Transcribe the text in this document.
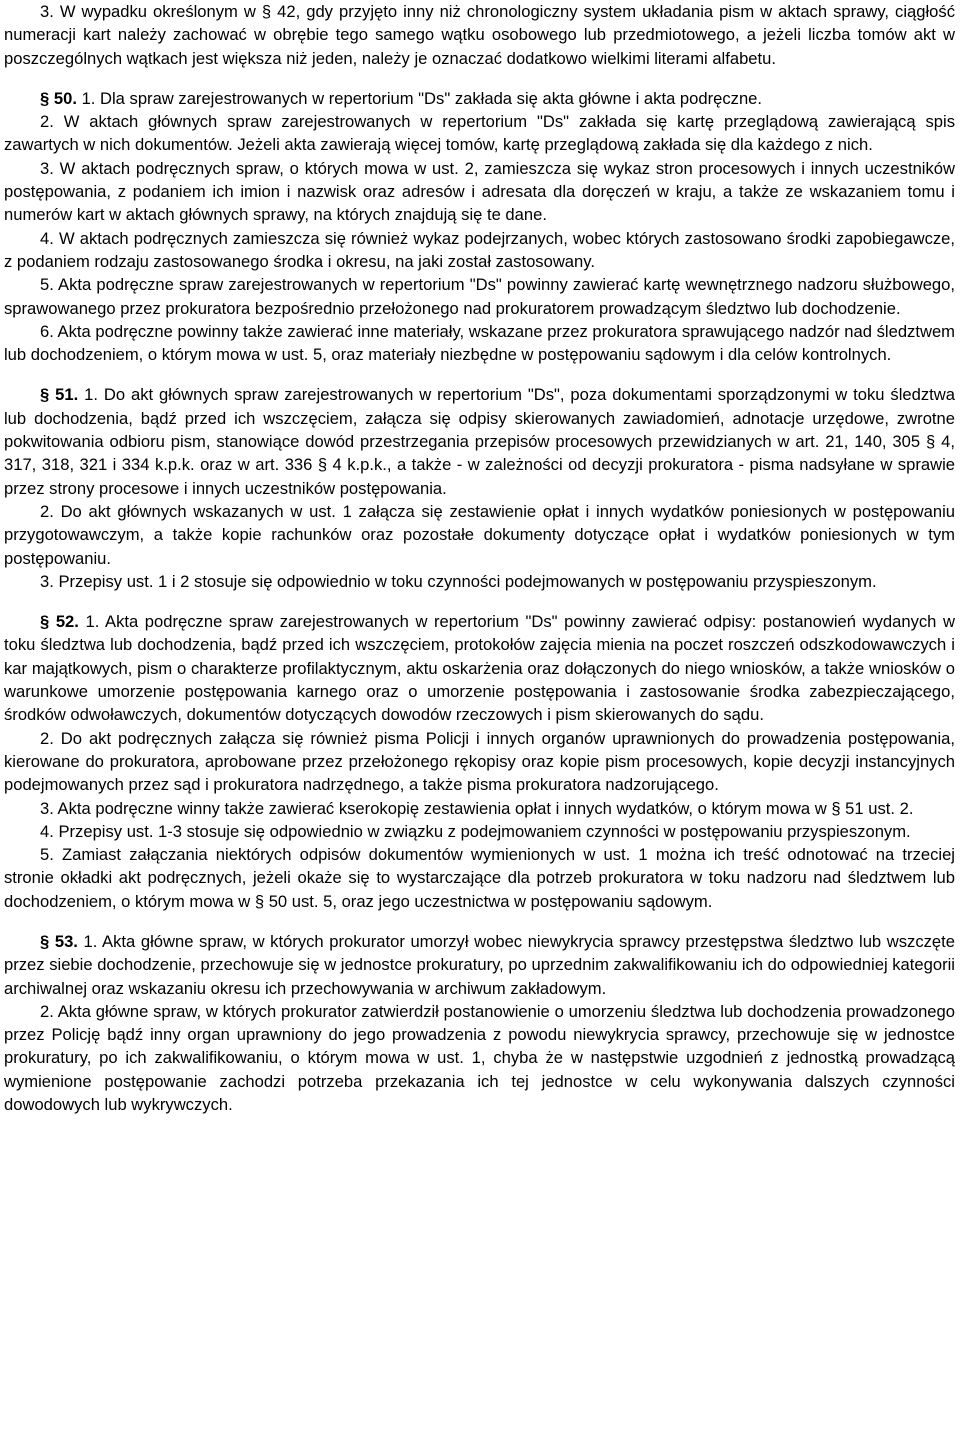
3. W wypadku określonym w § 42, gdy przyjęto inny niż chronologiczny system układania pism w aktach sprawy, ciągłość numeracji kart należy zachować w obrębie tego samego wątku osobowego lub przedmiotowego, a jeżeli liczba tomów akt w poszczególnych wątkach jest większa niż jeden, należy je oznaczać dodatkowo wielkimi literami alfabetu.

§ 50. 1. Dla spraw zarejestrowanych w repertorium "Ds" zakłada się akta główne i akta podręczne.

2. W aktach głównych spraw zarejestrowanych w repertorium "Ds" zakłada się kartę przeglądową zawierającą spis zawartych w nich dokumentów. Jeżeli akta zawierają więcej tomów, kartę przeglądową zakłada się dla każdego z nich.

3. W aktach podręcznych spraw, o których mowa w ust. 2, zamieszcza się wykaz stron procesowych i innych uczestników postępowania, z podaniem ich imion i nazwisk oraz adresów i adresata dla doręczeń w kraju, a także ze wskazaniem tomu i numerów kart w aktach głównych sprawy, na których znajdują się te dane.

4. W aktach podręcznych zamieszcza się również wykaz podejrzanych, wobec których zastosowano środki zapobiegawcze, z podaniem rodzaju zastosowanego środka i okresu, na jaki został zastosowany.

5. Akta podręczne spraw zarejestrowanych w repertorium "Ds" powinny zawierać kartę wewnętrznego nadzoru służbowego, sprawowanego przez prokuratora bezpośrednio przełożonego nad prokuratorem prowadzącym śledztwo lub dochodzenie.

6. Akta podręczne powinny także zawierać inne materiały, wskazane przez prokuratora sprawującego nadzór nad śledztwem lub dochodzeniem, o którym mowa w ust. 5, oraz materiały niezbędne w postępowaniu sądowym i dla celów kontrolnych.

§ 51. 1. Do akt głównych spraw zarejestrowanych w repertorium "Ds", poza dokumentami sporządzonymi w toku śledztwa lub dochodzenia, bądź przed ich wszczęciem, załącza się odpisy skierowanych zawiadomień, adnotacje urzędowe, zwrotne pokwitowania odbioru pism, stanowiące dowód przestrzegania przepisów procesowych przewidzianych w art. 21, 140, 305 § 4, 317, 318, 321 i 334 k.p.k. oraz w art. 336 § 4 k.p.k., a także - w zależności od decyzji prokuratora - pisma nadsyłane w sprawie przez strony procesowe i innych uczestników postępowania.

2. Do akt głównych wskazanych w ust. 1 załącza się zestawienie opłat i innych wydatków poniesionych w postępowaniu przygotowawczym, a także kopie rachunków oraz pozostałe dokumenty dotyczące opłat i wydatków poniesionych w tym postępowaniu.

3. Przepisy ust. 1 i 2 stosuje się odpowiednio w toku czynności podejmowanych w postępowaniu przyspieszonym.

§ 52. 1. Akta podręczne spraw zarejestrowanych w repertorium "Ds" powinny zawierać odpisy: postanowień wydanych w toku śledztwa lub dochodzenia, bądź przed ich wszczęciem, protokołów zajęcia mienia na poczet roszczeń odszkodowawczych i kar majątkowych, pism o charakterze profilaktycznym, aktu oskarżenia oraz dołączonych do niego wniosków, a także wniosków o warunkowe umorzenie postępowania karnego oraz o umorzenie postępowania i zastosowanie środka zabezpieczającego, środków odwoławczych, dokumentów dotyczących dowodów rzeczowych i pism skierowanych do sądu.

2. Do akt podręcznych załącza się również pisma Policji i innych organów uprawnionych do prowadzenia postępowania, kierowane do prokuratora, aprobowane przez przełożonego rękopisy oraz kopie pism procesowych, kopie decyzji instancyjnych podejmowanych przez sąd i prokuratora nadrzędnego, a także pisma prokuratora nadzorującego.

3. Akta podręczne winny także zawierać kserokopię zestawienia opłat i innych wydatków, o którym mowa w § 51 ust. 2.

4. Przepisy ust. 1-3 stosuje się odpowiednio w związku z podejmowaniem czynności w postępowaniu przyspieszonym.

5. Zamiast załączania niektórych odpisów dokumentów wymienionych w ust. 1 można ich treść odnotować na trzeciej stronie okładki akt podręcznych, jeżeli okaże się to wystarczające dla potrzeb prokuratora w toku nadzoru nad śledztwem lub dochodzeniem, o którym mowa w § 50 ust. 5, oraz jego uczestnictwa w postępowaniu sądowym.

§ 53. 1. Akta główne spraw, w których prokurator umorzył wobec niewykrycia sprawcy przestępstwa śledztwo lub wszczęte przez siebie dochodzenie, przechowuje się w jednostce prokuratury, po uprzednim zakwalifikowaniu ich do odpowiedniej kategorii archiwalnej oraz wskazaniu okresu ich przechowywania w archiwum zakładowym.

2. Akta główne spraw, w których prokurator zatwierdził postanowienie o umorzeniu śledztwa lub dochodzenia prowadzonego przez Policję bądź inny organ uprawniony do jego prowadzenia z powodu niewykrycia sprawcy, przechowuje się w jednostce prokuratury, po ich zakwalifikowaniu, o którym mowa w ust. 1, chyba że w następstwie uzgodnień z jednostką prowadzącą wymienione postępowanie zachodzi potrzeba przekazania ich tej jednostce w celu wykonywania dalszych czynności dowodowych lub wykrywczych.
